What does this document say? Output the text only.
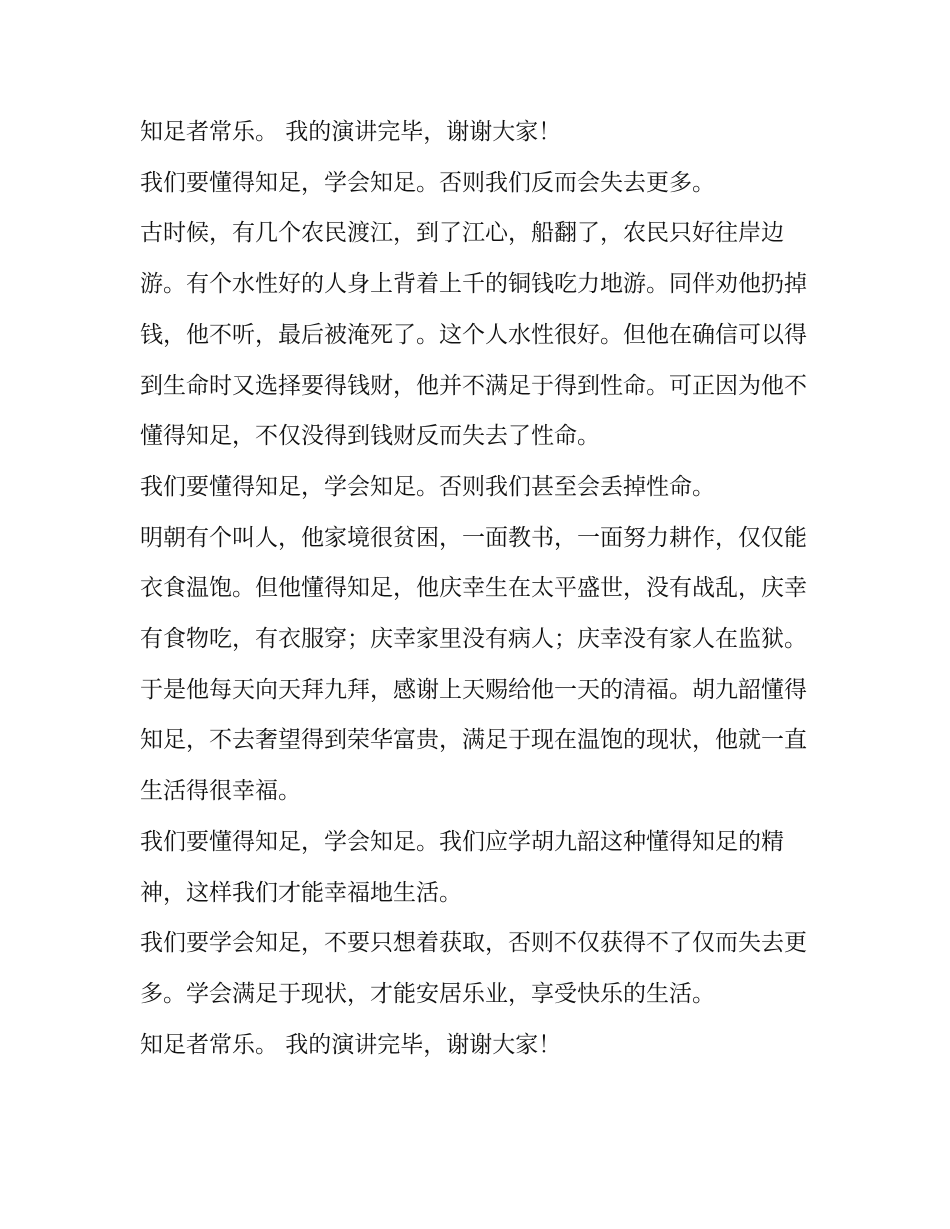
知足者常乐。 我的演讲完毕，谢谢大家！

我们要懂得知足，学会知足。否则我们反而会失去更多。

古时候，有几个农民渡江，到了江心，船翻了，农民只好往岸边游。有个水性好的人身上背着上千的铜钱吃力地游。同伴劝他扔掉钱，他不听，最后被淹死了。这个人水性很好。但他在确信可以得到生命时又选择要得钱财，他并不满足于得到性命。可正因为他不懂得知足，不仅没得到钱财反而失去了性命。

我们要懂得知足，学会知足。否则我们甚至会丢掉性命。

明朝有个叫人，他家境很贫困，一面教书，一面努力耕作，仅仅能衣食温饱。但他懂得知足，他庆幸生在太平盛世，没有战乱，庆幸有食物吃，有衣服穿；庆幸家里没有病人；庆幸没有家人在监狱。于是他每天向天拜九拜，感谢上天赐给他一天的清福。胡九韶懂得知足，不去奢望得到荣华富贵，满足于现在温饱的现状，他就一直生活得很幸福。

我们要懂得知足，学会知足。我们应学胡九韶这种懂得知足的精神，这样我们才能幸福地生活。

我们要学会知足，不要只想着获取，否则不仅获得不了仅而失去更多。学会满足于现状，才能安居乐业，享受快乐的生活。

知足者常乐。 我的演讲完毕，谢谢大家！
